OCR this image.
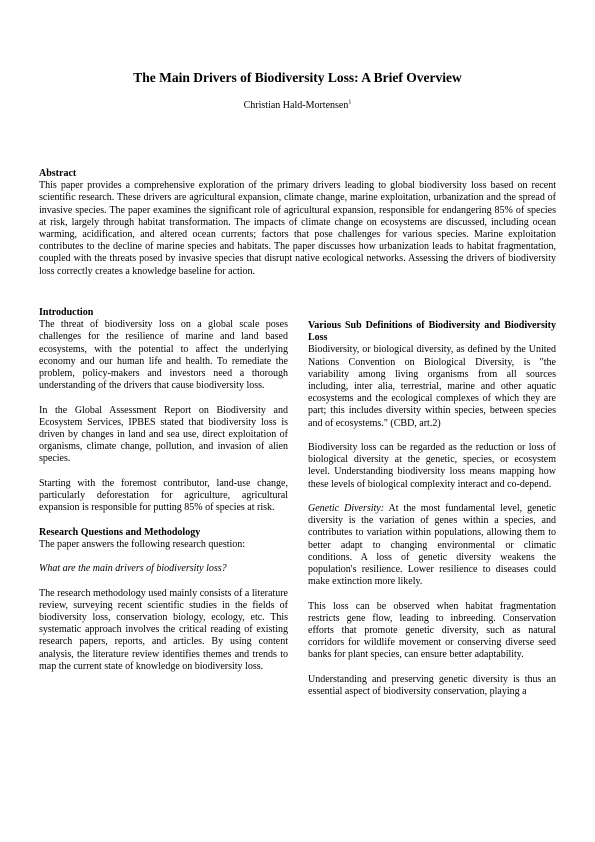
The Main Drivers of Biodiversity Loss: A Brief Overview
Christian Hald-Mortensen$^1$

Abstract

This paper provides a comprehensive exploration of the primary drivers leading to global biodiversity loss based on recent scientific research. These drivers are agricultural expansion, climate change, marine exploitation, urbanization and the spread of invasive species. The paper examines the significant role of agricultural expansion, responsible for endangering 85% of species at risk, largely through habitat transformation. The impacts of climate change on ecosystems are discussed, including ocean warming, acidification, and altered ocean currents; factors that pose challenges for various species. Marine exploitation contributes to the decline of marine species and habitats. The paper discusses how urbanization leads to habitat fragmentation, coupled with the threats posed by invasive species that disrupt native ecological networks. Assessing the drivers of biodiversity loss correctly creates a knowledge baseline for action.

Introduction

The threat of biodiversity loss on a global scale poses challenges for the resilience of marine and land based ecosystems, with the potential to affect the underlying economy and our human life and health. To remediate the problem, policy-makers and investors need a thorough understanding of the drivers that cause biodiversity loss.

In the Global Assessment Report on Biodiversity and Ecosystem Services, IPBES stated that biodiversity loss is driven by changes in land and sea use, direct exploitation of organisms, climate change, pollution, and invasion of alien species.

Starting with the foremost contributor, land-use change, particularly deforestation for agriculture, agricultural expansion is responsible for putting 85% of species at risk.

Research Questions and Methodology

The paper answers the following research question:

What are the main drivers of biodiversity loss?

The research methodology used mainly consists of a literature review, surveying recent scientific studies in the fields of biodiversity loss, conservation biology, ecology, etc. This systematic approach involves the critical reading of existing research papers, reports, and articles. By using content analysis, the literature review identifies themes and trends to map the current state of knowledge on biodiversity loss.

Various Sub Definitions of Biodiversity and Biodiversity Loss

Biodiversity, or biological diversity, as defined by the United Nations Convention on Biological Diversity, is "the variability among living organisms from all sources including, inter alia, terrestrial, marine and other aquatic ecosystems and the ecological complexes of which they are part; this includes diversity within species, between species and of ecosystems." (CBD, art.2)

Biodiversity loss can be regarded as the reduction or loss of biological diversity at the genetic, species, or ecosystem level. Understanding biodiversity loss means mapping how these levels of biological complexity interact and co-depend.

Genetic Diversity: At the most fundamental level, genetic diversity is the variation of genes within a species, and contributes to variation within populations, allowing them to better adapt to changing environmental or climatic conditions. A loss of genetic diversity weakens the population's resilience. Lower resilience to diseases could make extinction more likely.

This loss can be observed when habitat fragmentation restricts gene flow, leading to inbreeding. Conservation efforts that promote genetic diversity, such as natural corridors for wildlife movement or conserving diverse seed banks for plant species, can ensure better adaptability.

Understanding and preserving genetic diversity is thus an essential aspect of biodiversity conservation, playing a
